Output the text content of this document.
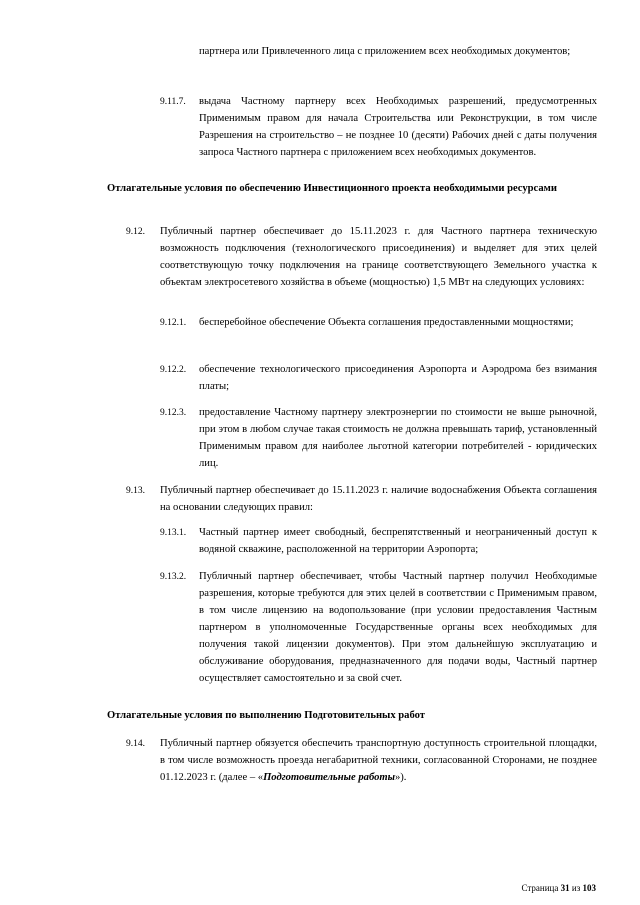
партнера или Привлеченного лица с приложением всех необходимых документов;
9.11.7. выдача Частному партнеру всех Необходимых разрешений, предусмотренных Применимым правом для начала Строительства или Реконструкции, в том числе Разрешения на строительство – не позднее 10 (десяти) Рабочих дней с даты получения запроса Частного партнера с приложением всех необходимых документов.
Отлагательные условия по обеспечению Инвестиционного проекта необходимыми ресурсами
9.12. Публичный партнер обеспечивает до 15.11.2023 г. для Частного партнера техническую возможность подключения (технологического присоединения) и выделяет для этих целей соответствующую точку подключения на границе соответствующего Земельного участка к объектам электросетевого хозяйства в объеме (мощностью) 1,5 МВт на следующих условиях:
9.12.1. бесперебойное обеспечение Объекта соглашения предоставленными мощностями;
9.12.2. обеспечение технологического присоединения Аэропорта и Аэродрома без взимания платы;
9.12.3. предоставление Частному партнеру электроэнергии по стоимости не выше рыночной, при этом в любом случае такая стоимость не должна превышать тариф, установленный Применимым правом для наиболее льготной категории потребителей - юридических лиц.
9.13. Публичный партнер обеспечивает до 15.11.2023 г. наличие водоснабжения Объекта соглашения на основании следующих правил:
9.13.1. Частный партнер имеет свободный, беспрепятственный и неограниченный доступ к водяной скважине, расположенной на территории Аэропорта;
9.13.2. Публичный партнер обеспечивает, чтобы Частный партнер получил Необходимые разрешения, которые требуются для этих целей в соответствии с Применимым правом, в том числе лицензию на водопользование (при условии предоставления Частным партнером в уполномоченные Государственные органы всех необходимых для получения такой лицензии документов). При этом дальнейшую эксплуатацию и обслуживание оборудования, предназначенного для подачи воды, Частный партнер осуществляет самостоятельно и за свой счет.
Отлагательные условия по выполнению Подготовительных работ
9.14. Публичный партнер обязуется обеспечить транспортную доступность строительной площадки, в том числе возможность проезда негабаритной техники, согласованной Сторонами, не позднее 01.12.2023 г. (далее – «Подготовительные работы»).
Страница 31 из 103
